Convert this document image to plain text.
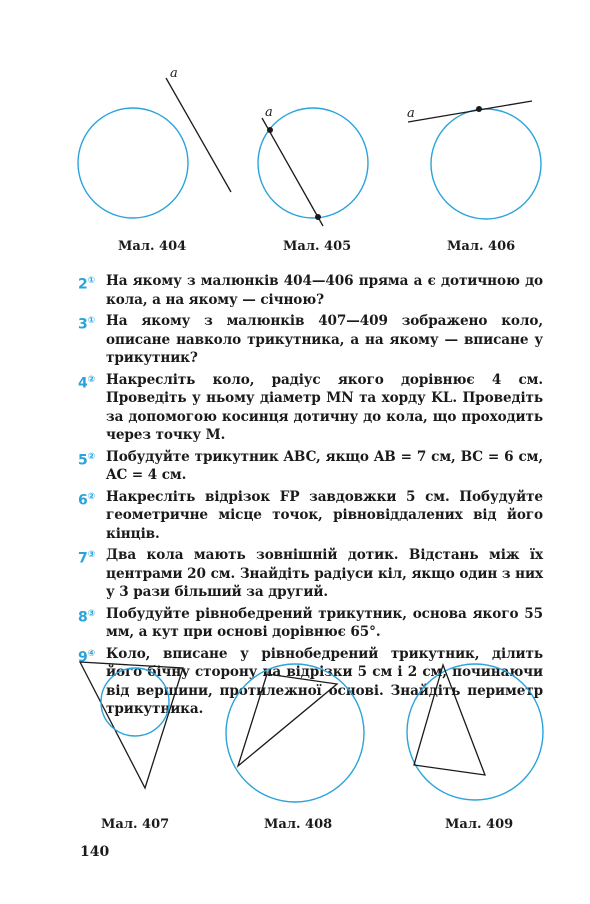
a
a	a
Мал. 404	Мал. 405	Мал. 406
2① На якому з малюнків 404—406 пряма a є дотичною до кола, а на якому — січною?
3① На якому з малюнків 407—409 зображено коло, описане навколо трикутника, а на якому — вписане у трикутник?
4② Накресліть коло, радіус якого дорівнює 4 см. Проведіть у ньому діаметр MN та хорду KL. Проведіть за допомогою косинця дотичну до кола, що проходить через точку M.
5② Побудуйте трикутник ABC, якщо AB = 7 см, BC = 6 см, AC = 4 см.
6② Накресліть відрізок FP завдовжки 5 см. Побудуйте геометричне місце точок, рівновіддалених від його кінців.
7③ Два кола мають зовнішній дотик. Відстань між їх центрами 20 см. Знайдіть радіуси кіл, якщо один з них у 3 рази більший за другий.
8③ Побудуйте рівнобедрений трикутник, основа якого 55 мм, а кут при основі дорівнює 65°.
9④ Коло, вписане у рівнобедрений трикутник, ділить його бічну сторону на відрізки 5 см і 2 см, починаючи від вершини, протилежної основі. Знайдіть периметр трикутника.
Мал. 407	Мал. 408	Мал. 409
140
